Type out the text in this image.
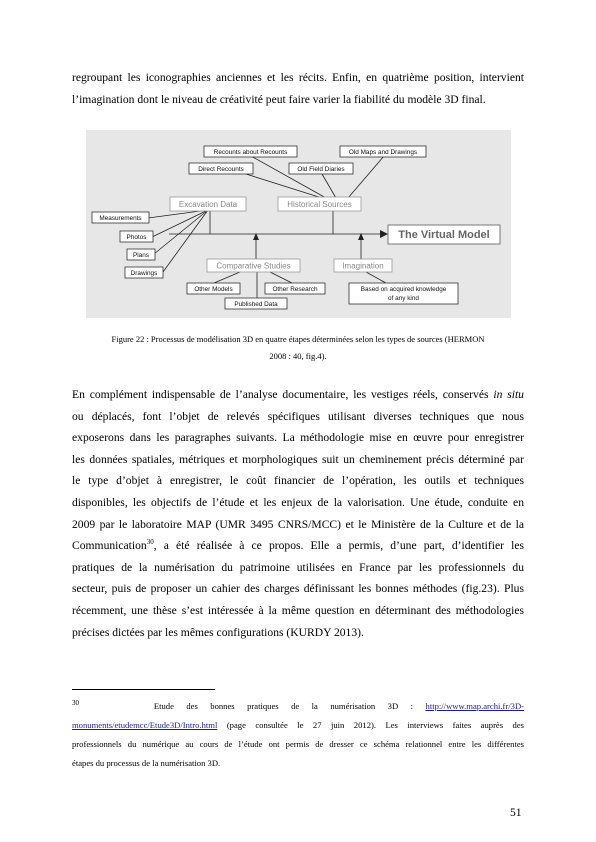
regroupant les iconographies anciennes et les récits. Enfin, en quatrième position, intervient
l’imagination dont le niveau de créativité peut faire varier la fiabilité du modèle 3D final.

Recounts about Recounts	Old Maps and Drawings
Direct Recounts	Old Field Diaries
Excavation Data	Historical Sources
The Virtual Model
Comparative Studies	Imagination
Measurements
Photos
Plans
Drawings
Other Models	Other Research	Based on acquired knowledge
of any kind
Published Data

Figure 22 : Processus de modélisation 3D en quatre étapes déterminées selon les types de sources (HERMON
2008 : 40, fig.4).

En complément indispensable de l’analyse documentaire, les vestiges réels, conservés in situ
ou déplacés, font l’objet de relevés spécifiques utilisant diverses techniques que nous
exposerons dans les paragraphes suivants. La méthodologie mise en œuvre pour enregistrer
les données spatiales, métriques et morphologiques suit un cheminement précis déterminé par
le type d’objet à enregistrer, le coût financier de l’opération, les outils et techniques
disponibles, les objectifs de l’étude et les enjeux de la valorisation. Une étude, conduite en
2009 par le laboratoire MAP (UMR 3495 CNRS/MCC) et le Ministère de la Culture et de la
Communication$^{30}$, a été réalisée à ce propos. Elle a permis, d’une part, d’identifier les
pratiques de la numérisation du patrimoine utilisées en France par les professionnels du
secteur, puis de proposer un cahier des charges définissant les bonnes méthodes (fig.23). Plus
récemment, une thèse s’est intéressée à la même question en déterminant des méthodologies
précises dictées par les mêmes configurations (KURDY 2013).

$^{30}$	Etude des bonnes pratiques de la numérisation 3D : http://www.map.archi.fr/3D-
monuments/etudemcc/Etude3D/Intro.html (page consultée le 27 juin 2012). Les interviews faites auprès des
professionnels du numérique au cours de l’étude ont permis de dresser ce schéma relationnel entre les différentes
étapes du processus de la numérisation 3D.

51
